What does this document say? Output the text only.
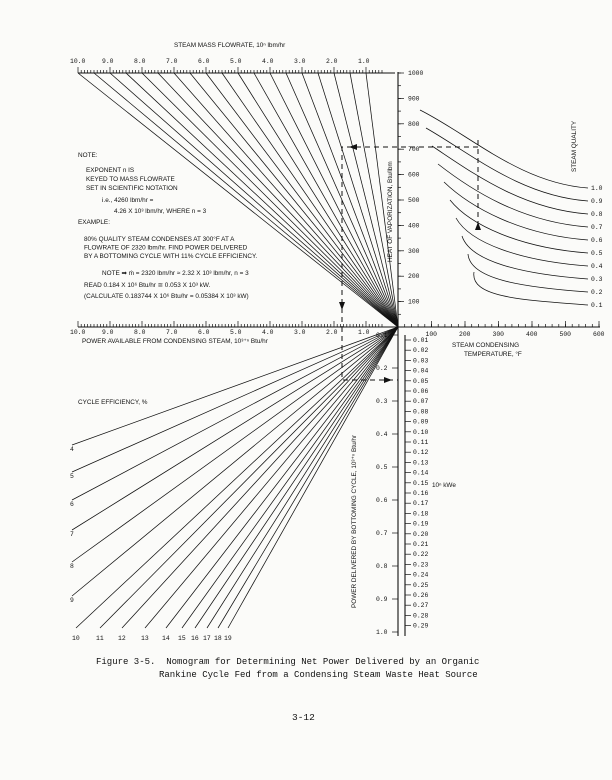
10.0	9.0	8.0	7.0	6.0	5.0	4.0	3.0	2.0	1.0
10.0	9.0	8.0	7.0	6.0	5.0	4.0	3.0	2.0	1.0
1000
900
800
700
600
500
400
300
200
100
100	200	300	400	500	600
1.0
0.9
0.8
0.7
0.6
0.5
0.4
0.3
0.2
0.1
0.1
0.2
0.3
0.4
0.5
0.6
0.7
0.8
0.9
1.0
0.01
0.02
0.03
0.04
0.05
0.06
0.07
0.08
0.09
0.10
0.11
0.12
0.13
0.14
0.15
0.16
0.17
0.18
0.19
0.20
0.21
0.22
0.23
0.24
0.25
0.26
0.27
0.28
0.29
4
5
6
7
8
9
10	11 12 13 14 15 16 17 18 19
STEAM MASS FLOWRATE, 10ⁿ lbm/hr
POWER AVAILABLE FROM CONDENSING STEAM, 10³⁺ⁿ Btu/hr
HEAT OF VAPORIZATION, Btu/lbm
STEAM CONDENSING
TEMPERATURE, °F
STEAM QUALITY
POWER DELIVERED BY BOTTOMING CYCLE, 10³⁺ⁿ Btu/hr	10ⁿ kWe
CYCLE EFFICIENCY, %
NOTE:
EXPONENT n IS
KEYED TO MASS FLOWRATE
SET IN SCIENTIFIC NOTATION
i.e., 4260 lbm/hr =
4.26 X 10³ lbm/hr, WHERE n = 3
EXAMPLE:
80% QUALITY STEAM CONDENSES AT 300°F AT A
FLOWRATE OF 2320 lbm/hr. FIND POWER DELIVERED
BY A BOTTOMING CYCLE WITH 11% CYCLE EFFICIENCY.
NOTE ➡ ṁ = 2320 lbm/hr ≈ 2.32 X 10³ lbm/hr, n = 3
READ 0.184 X 10⁶ Btu/hr ≅ 0.053 X 10³ kW.
(CALCULATE 0.183744 X 10⁶ Btu/hr = 0.05384 X 10³ kW)
Figure 3-5.  Nomogram for Determining Net Power Delivered by an Organic
Rankine Cycle Fed from a Condensing Steam Waste Heat Source
3-12
